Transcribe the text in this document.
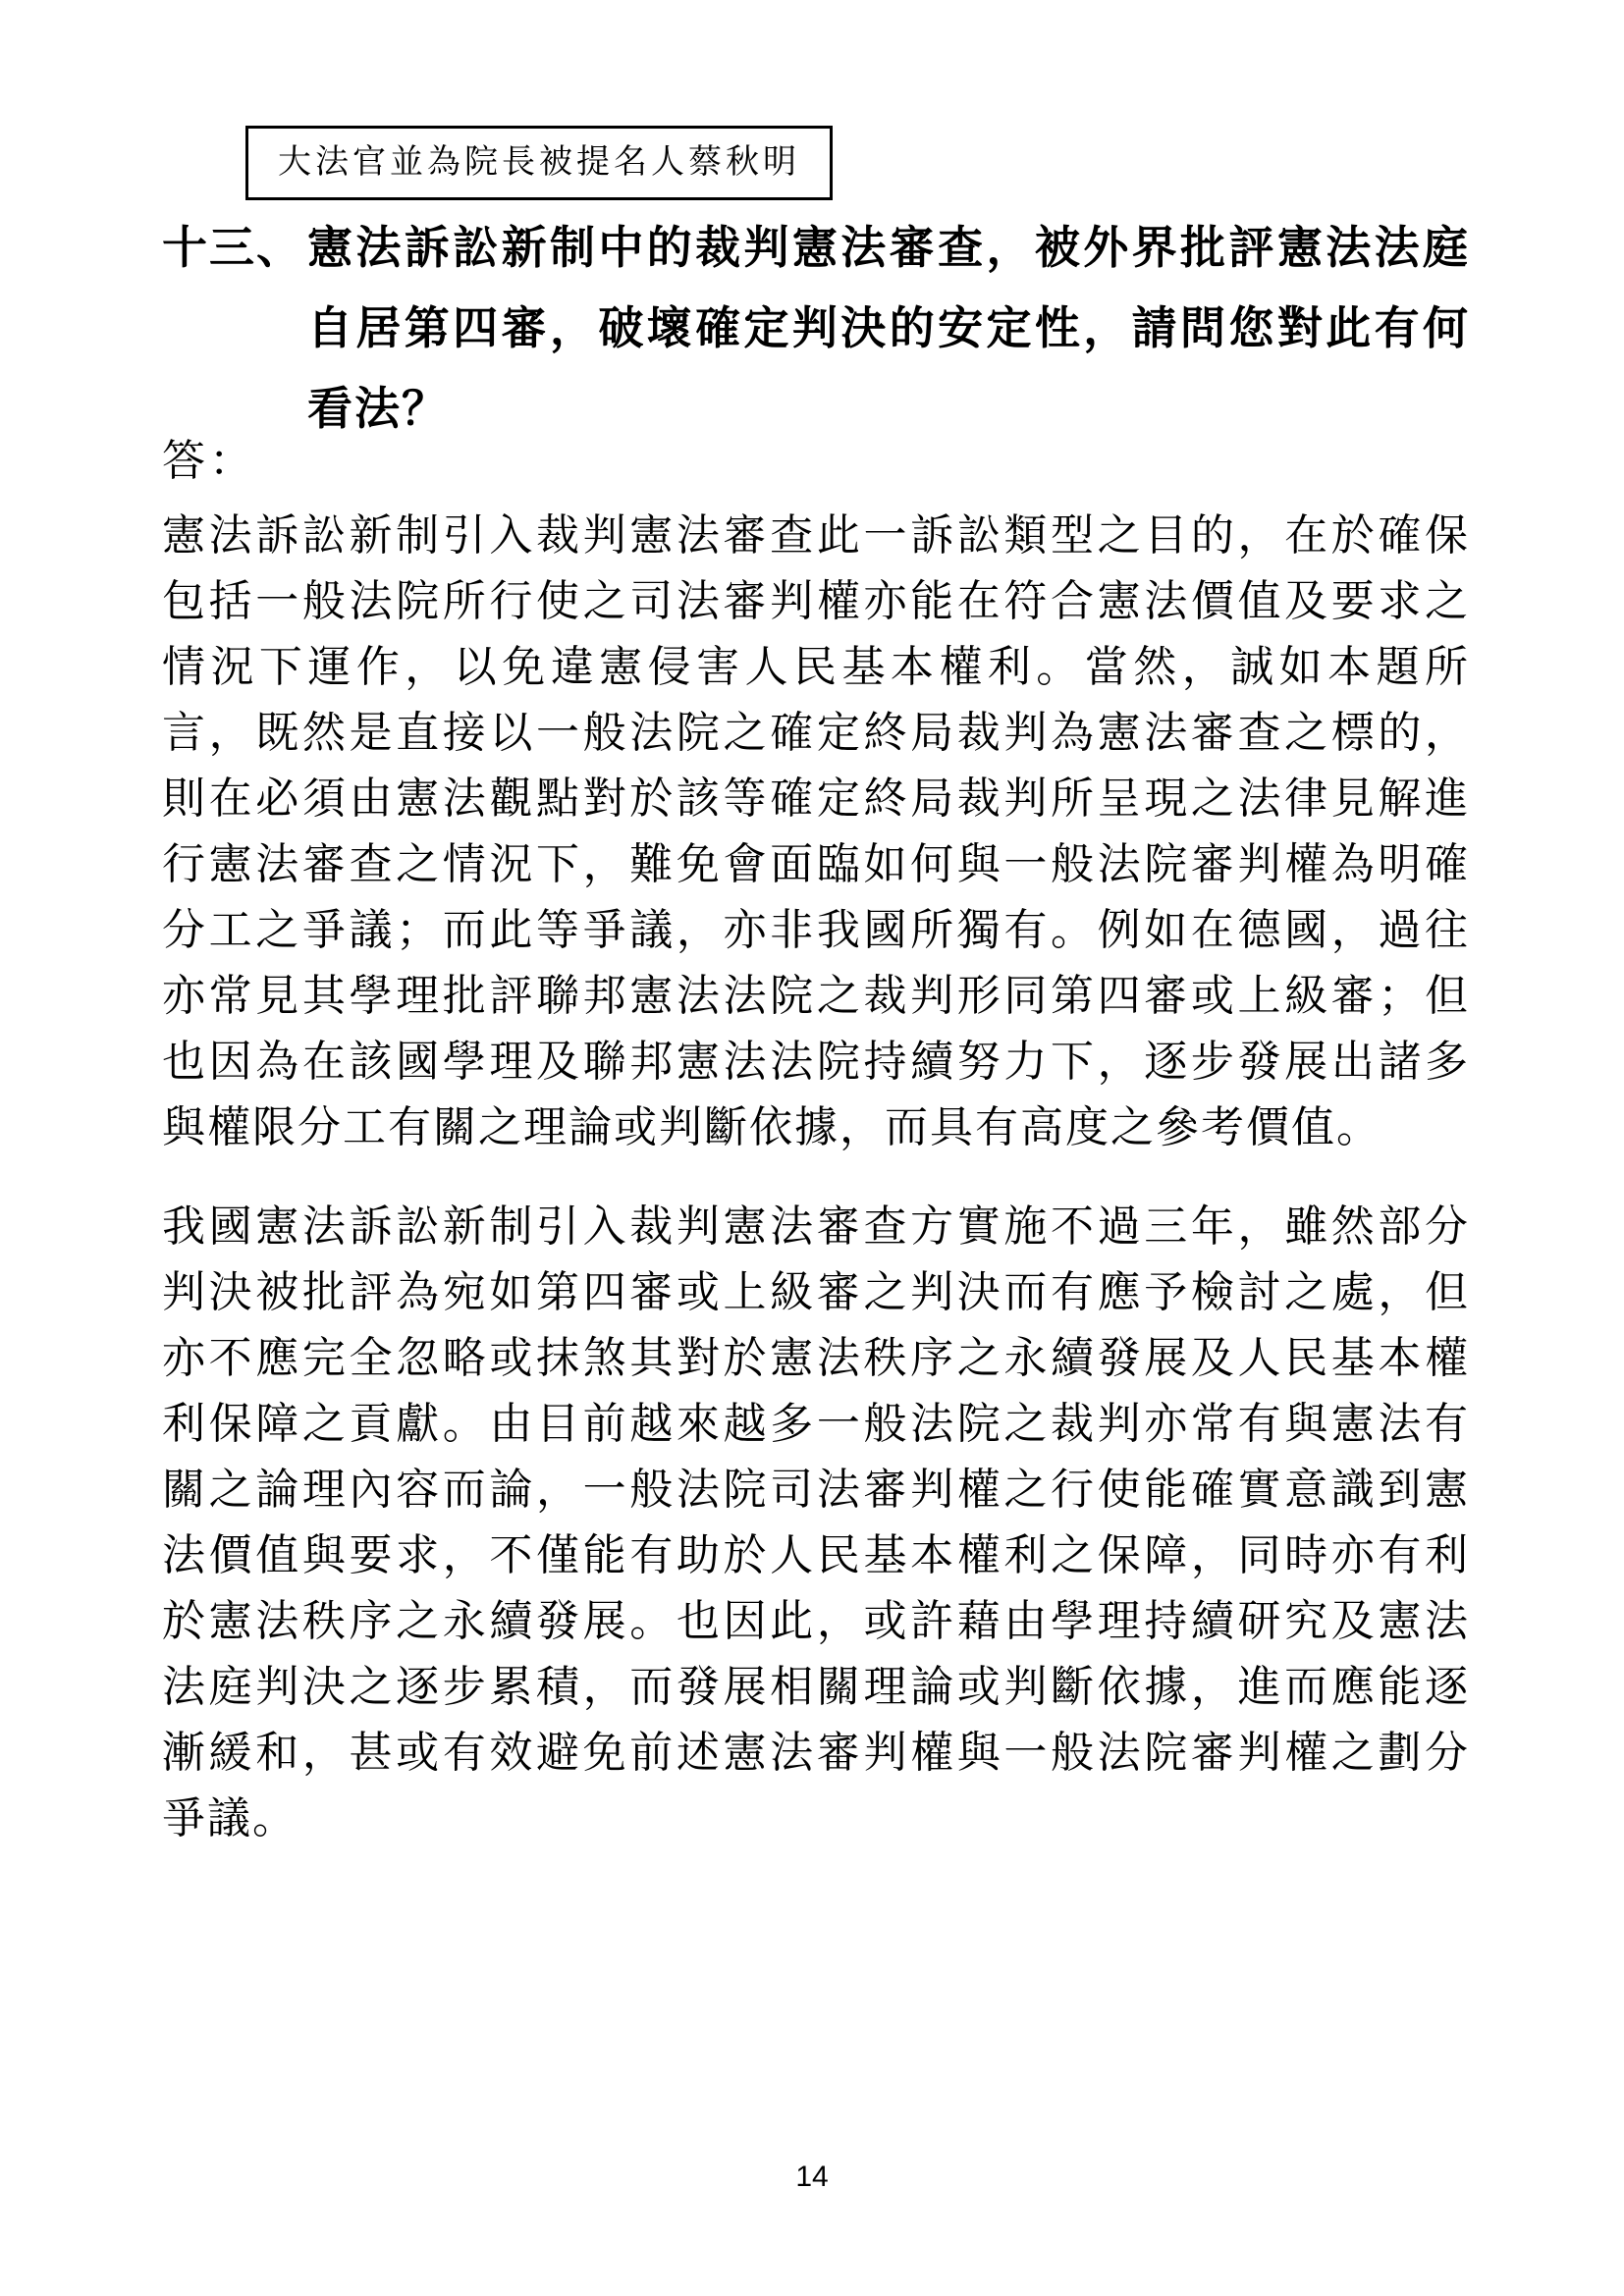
大法官並為院長被提名人蔡秋明
十三、 憲法訴訟新制中的裁判憲法審查，被外界批評憲法法庭自居第四審，破壞確定判決的安定性，請問您對此有何看法？
答：

憲法訴訟新制引入裁判憲法審查此一訴訟類型之目的，在於確保包括一般法院所行使之司法審判權亦能在符合憲法價值及要求之情況下運作，以免違憲侵害人民基本權利。當然，誠如本題所言，既然是直接以一般法院之確定終局裁判為憲法審查之標的，則在必須由憲法觀點對於該等確定終局裁判所呈現之法律見解進行憲法審查之情況下，難免會面臨如何與一般法院審判權為明確分工之爭議；而此等爭議，亦非我國所獨有。例如在德國，過往亦常見其學理批評聯邦憲法法院之裁判形同第四審或上級審；但也因為在該國學理及聯邦憲法法院持續努力下，逐步發展出諸多與權限分工有關之理論或判斷依據，而具有高度之參考價值。

我國憲法訴訟新制引入裁判憲法審查方實施不過三年，雖然部分判決被批評為宛如第四審或上級審之判決而有應予檢討之處，但亦不應完全忽略或抹煞其對於憲法秩序之永續發展及人民基本權利保障之貢獻。由目前越來越多一般法院之裁判亦常有與憲法有關之論理內容而論，一般法院司法審判權之行使能確實意識到憲法價值與要求，不僅能有助於人民基本權利之保障，同時亦有利於憲法秩序之永續發展。也因此，或許藉由學理持續研究及憲法法庭判決之逐步累積，而發展相關理論或判斷依據，進而應能逐漸緩和，甚或有效避免前述憲法審判權與一般法院審判權之劃分爭議。

14
